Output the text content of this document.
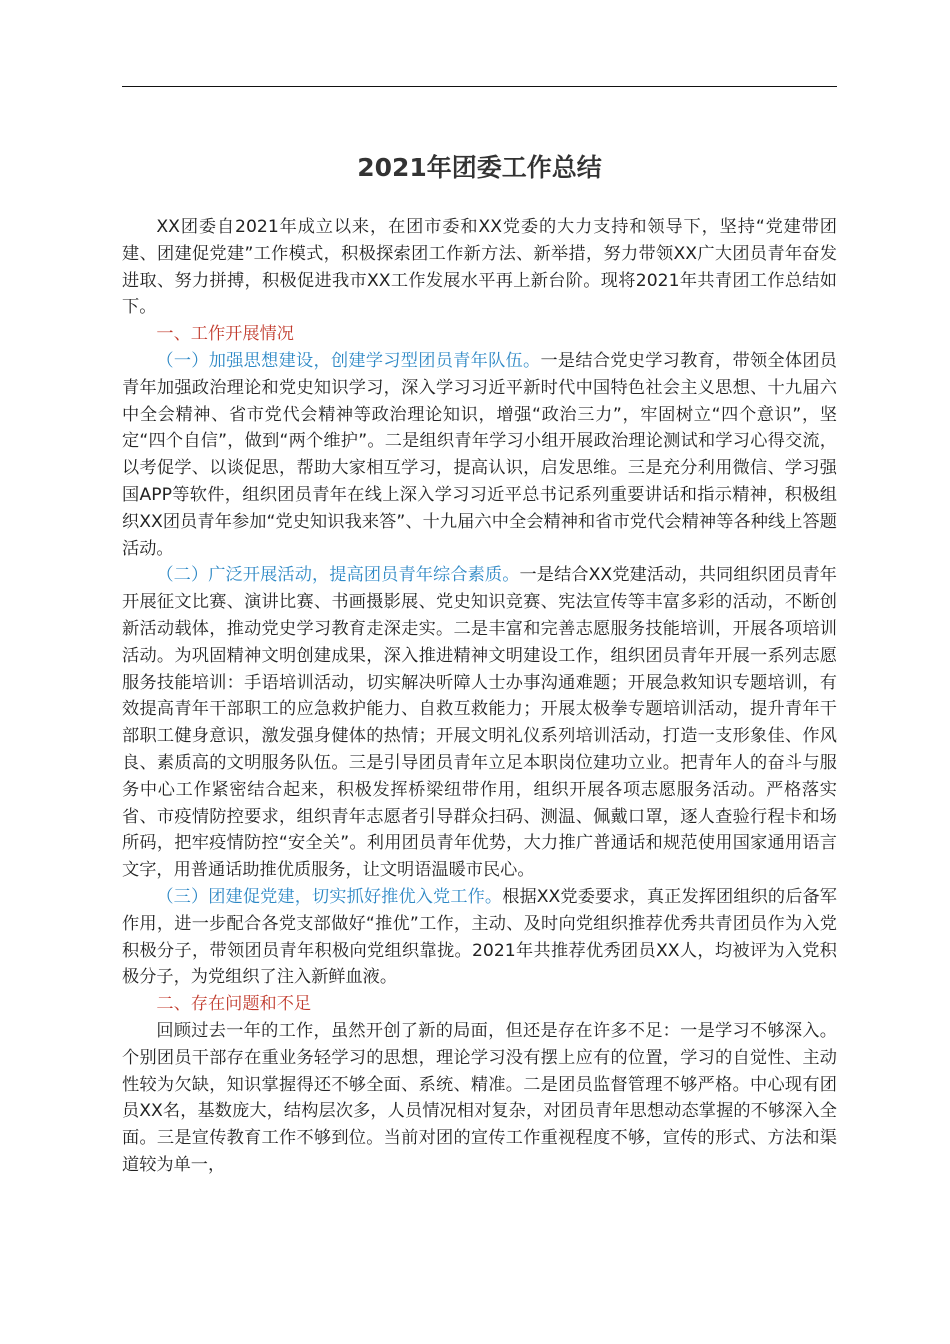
2021年团委工作总结

XX团委自2021年成立以来，在团市委和XX党委的大力支持和领导下，坚持“党建带团建、团建促党建”工作模式，积极探索团工作新方法、新举措，努力带领XX广大团员青年奋发进取、努力拼搏，积极促进我市XX工作发展水平再上新台阶。现将2021年共青团工作总结如下。

一、工作开展情况

（一）加强思想建设，创建学习型团员青年队伍。一是结合党史学习教育，带领全体团员青年加强政治理论和党史知识学习，深入学习习近平新时代中国特色社会主义思想、十九届六中全会精神、省市党代会精神等政治理论知识，增强“政治三力”，牢固树立“四个意识”，坚定“四个自信”，做到“两个维护”。二是组织青年学习小组开展政治理论测试和学习心得交流，以考促学、以谈促思，帮助大家相互学习，提高认识，启发思维。三是充分利用微信、学习强国APP等软件，组织团员青年在线上深入学习习近平总书记系列重要讲话和指示精神，积极组织XX团员青年参加“党史知识我来答”、十九届六中全会精神和省市党代会精神等各种线上答题活动。

（二）广泛开展活动，提高团员青年综合素质。一是结合XX党建活动，共同组织团员青年开展征文比赛、演讲比赛、书画摄影展、党史知识竞赛、宪法宣传等丰富多彩的活动，不断创新活动载体，推动党史学习教育走深走实。二是丰富和完善志愿服务技能培训，开展各项培训活动。为巩固精神文明创建成果，深入推进精神文明建设工作，组织团员青年开展一系列志愿服务技能培训：手语培训活动，切实解决听障人士办事沟通难题；开展急救知识专题培训，有效提高青年干部职工的应急救护能力、自救互救能力；开展太极拳专题培训活动，提升青年干部职工健身意识，激发强身健体的热情；开展文明礼仪系列培训活动，打造一支形象佳、作风良、素质高的文明服务队伍。三是引导团员青年立足本职岗位建功立业。把青年人的奋斗与服务中心工作紧密结合起来，积极发挥桥梁纽带作用，组织开展各项志愿服务活动。严格落实省、市疫情防控要求，组织青年志愿者引导群众扫码、测温、佩戴口罩，逐人查验行程卡和场所码，把牢疫情防控“安全关”。利用团员青年优势，大力推广普通话和规范使用国家通用语言文字，用普通话助推优质服务，让文明语温暖市民心。

（三）团建促党建，切实抓好推优入党工作。根据XX党委要求，真正发挥团组织的后备军作用，进一步配合各党支部做好“推优”工作，主动、及时向党组织推荐优秀共青团员作为入党积极分子，带领团员青年积极向党组织靠拢。2021年共推荐优秀团员XX人，均被评为入党积极分子，为党组织了注入新鲜血液。

二、存在问题和不足

回顾过去一年的工作，虽然开创了新的局面，但还是存在许多不足：一是学习不够深入。个别团员干部存在重业务轻学习的思想，理论学习没有摆上应有的位置，学习的自觉性、主动性较为欠缺，知识掌握得还不够全面、系统、精准。二是团员监督管理不够严格。中心现有团员XX名，基数庞大，结构层次多，人员情况相对复杂，对团员青年思想动态掌握的不够深入全面。三是宣传教育工作不够到位。当前对团的宣传工作重视程度不够，宣传的形式、方法和渠道较为单一，
